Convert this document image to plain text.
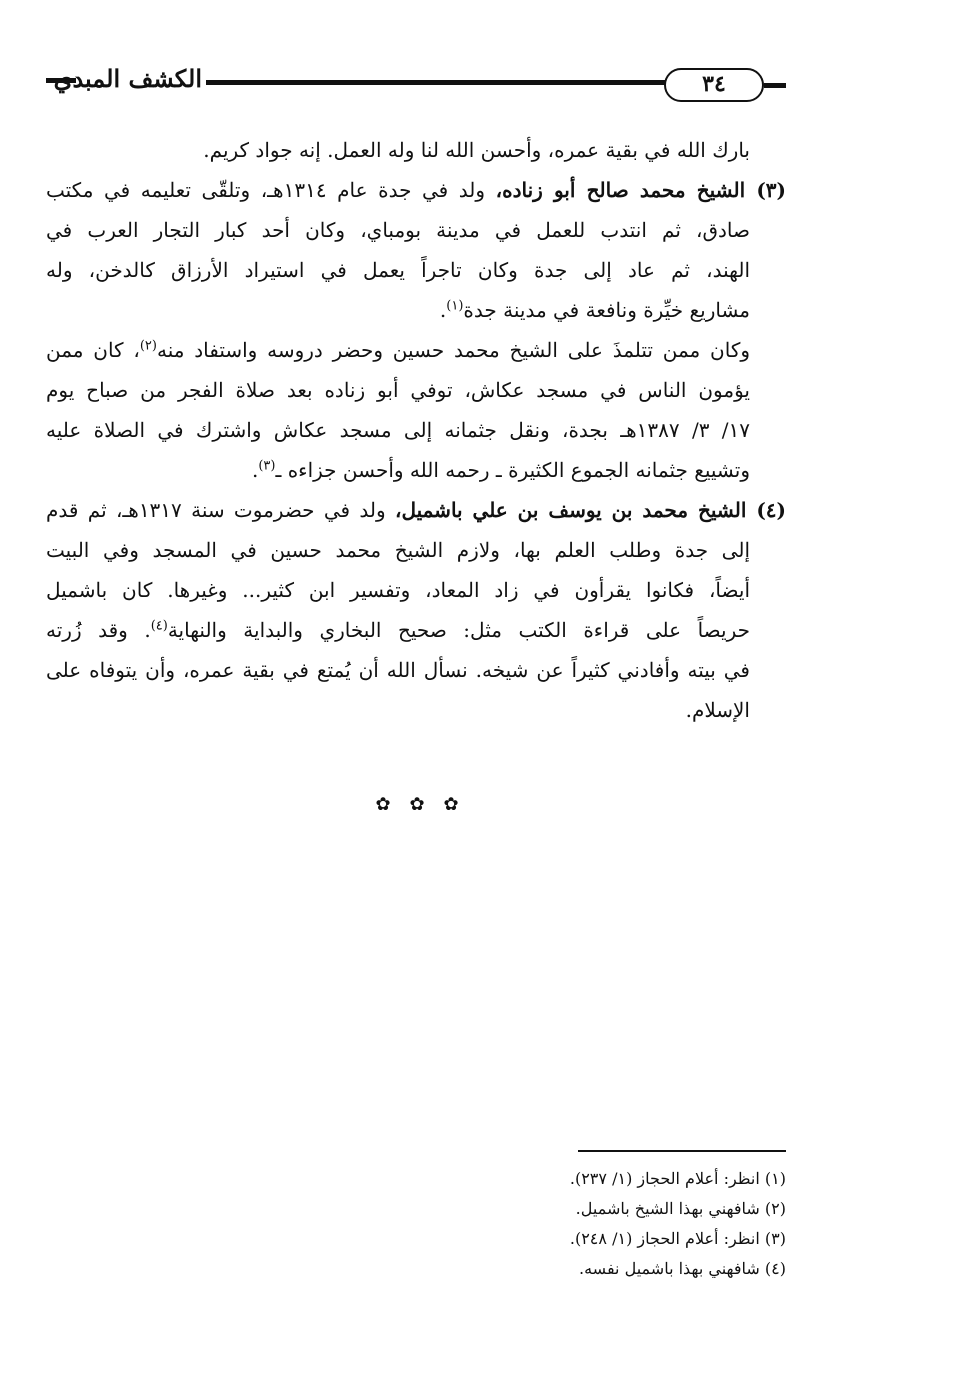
الكشف المبدي	٣٤
بارك الله في بقية عمره، وأحسن الله لنا وله العمل. إنه جواد كريم.
(٣) الشيخ محمد صالح أبو زناده، ولد في جدة عام ١٣١٤هـ، وتلقّى تعليمه في مكتب
صادق، ثم انتدب للعمل في مدينة بومباي، وكان أحد كبار التجار العرب في
الهند، ثم عاد إلى جدة وكان تاجراً يعمل في استيراد الأرزاق كالدخن، وله
مشاريع خيِّرة ونافعة في مدينة جدة$^{(١)}$.
وكان ممن تتلمذَ على الشيخ محمد حسين وحضر دروسه واستفاد منه$^{(٢)}$، كان ممن
يؤمون الناس في مسجد عكاش، توفي أبو زناده بعد صلاة الفجر من صباح يوم
١٧/ ٣/ ١٣٨٧هـ بجدة، ونقل جثمانه إلى مسجد عكاش واشترك في الصلاة عليه
وتشييع جثمانه الجموع الكثيرة ـ رحمه الله وأحسن جزاءه ـ$^{(٣)}$.
(٤) الشيخ محمد بن يوسف بن علي باشميل، ولد في حضرموت سنة ١٣١٧هـ، ثم قدم
إلى جدة وطلب العلم بها، ولازم الشيخ محمد حسين في المسجد وفي البيت
أيضاً، فكانوا يقرأون في زاد المعاد، وتفسير ابن كثير... وغيرها. كان باشميل
حريصاً على قراءة الكتب مثل: صحيح البخاري والبداية والنهاية$^{(٤)}$. وقد زُرته
في بيته وأفادني كثيراً عن شيخه. نسأل الله أن يُمتع في بقية عمره، وأن يتوفاه على
الإسلام.
✿ ✿ ✿
(١) انظر: أعلام الحجاز (١/ ٢٣٧).
(٢) شافهني بهذا الشيخ باشميل.
(٣) انظر: أعلام الحجاز (١/ ٢٤٨).
(٤) شافهني بهذا باشميل نفسه.
